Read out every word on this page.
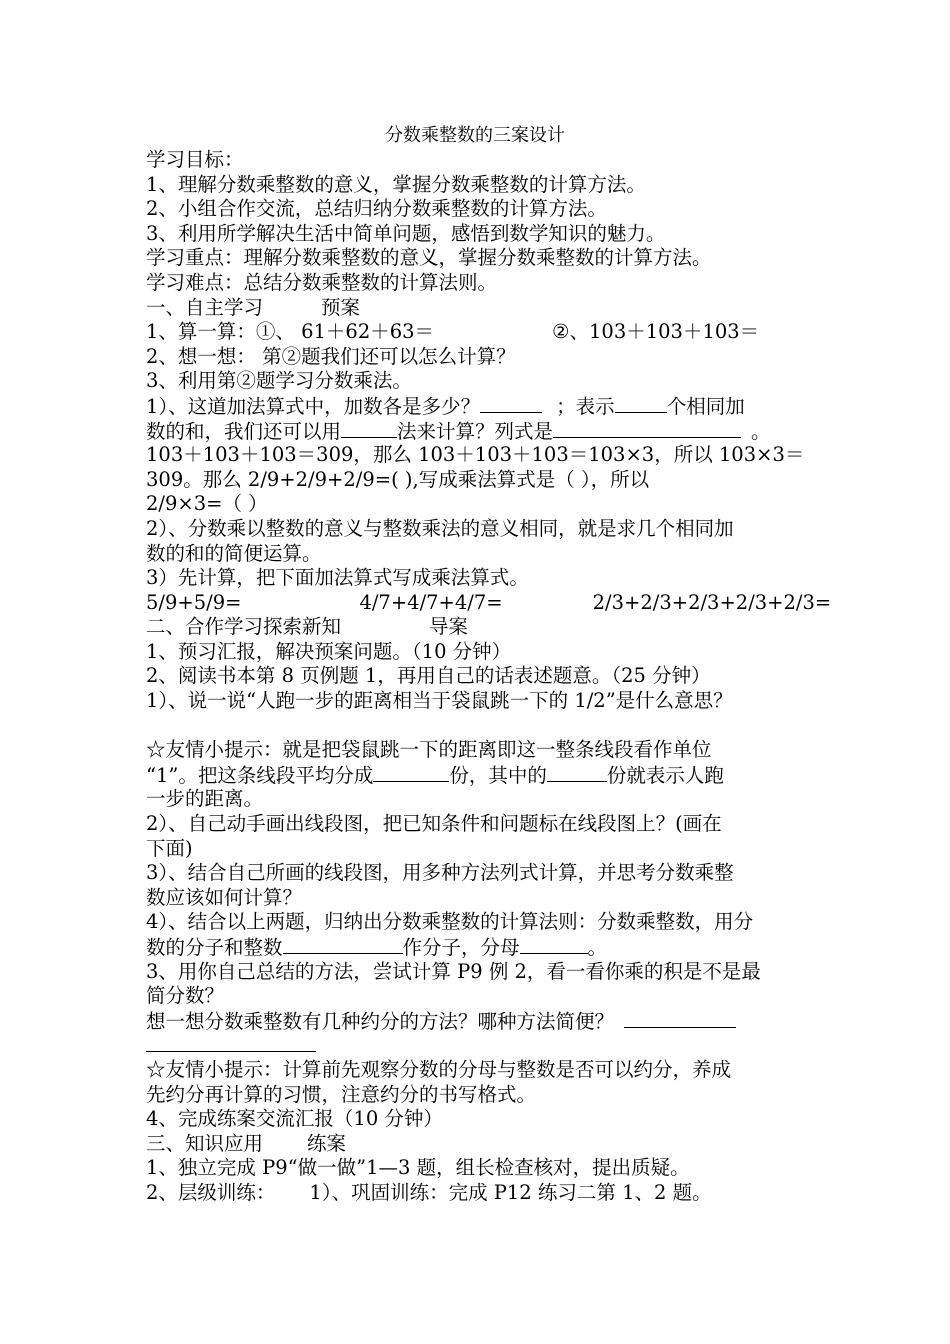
分数乘整数的三案设计
学习目标：
1、理解分数乘整数的意义，掌握分数乘整数的计算方法。
2、小组合作交流，总结归纳分数乘整数的计算方法。
3、利用所学解决生活中简单问题，感悟到数学知识的魅力。
学习重点：理解分数乘整数的意义，掌握分数乘整数的计算方法。
学习难点：总结分数乘整数的计算法则。
一、自主学习	预案
1、算一算：①、 61＋62＋63＝	②、103＋103＋103＝
2、想一想： 第②题我们还可以怎么计算？
3、利用第②题学习分数乘法。
1）、这道加法算式中，加数各是多少？	；表示	个相同加
数的和，我们还可以用	法来计算？列式是	。
103＋103＋103＝309，那么 103＋103＋103＝103×3，所以 103×3＝
309。那么 2/9+2/9+2/9=( ),写成乘法算式是（ ），所以
2/9×3=（ ）
2）、分数乘以整数的意义与整数乘法的意义相同，就是求几个相同加
数的和的简便运算。
3）先计算，把下面加法算式写成乘法算式。
5/9+5/9=	4/7+4/7+4/7=	2/3+2/3+2/3+2/3+2/3=
二、合作学习探索新知	导案
1、预习汇报，解决预案问题。（10 分钟）
2、阅读书本第 8 页例题 1，再用自己的话表述题意。（25 分钟）
1）、说一说“人跑一步的距离相当于袋鼠跳一下的 1/2”是什么意思？
☆友情小提示：就是把袋鼠跳一下的距离即这一整条线段看作单位
“1”。把这条线段平均分成	份，其中的	份就表示人跑
一步的距离。
2）、自己动手画出线段图，把已知条件和问题标在线段图上？(画在
下面)
3）、结合自己所画的线段图，用多种方法列式计算，并思考分数乘整
数应该如何计算？
4）、结合以上两题，归纳出分数乘整数的计算法则：分数乘整数，用分
数的分子和整数	作分子，分母	。
3、用你自己总结的方法，尝试计算 P9 例 2，看一看你乘的积是不是最
简分数？
想一想分数乘整数有几种约分的方法？哪种方法简便？
☆友情小提示：计算前先观察分数的分母与整数是否可以约分，养成
先约分再计算的习惯，注意约分的书写格式。
4、完成练案交流汇报（10 分钟）
三、知识应用 练案
1、独立完成 P9“做一做”1—3 题，组长检查核对，提出质疑。
2、层级训练： 1）、巩固训练：完成 P12 练习二第 1、2 题。
